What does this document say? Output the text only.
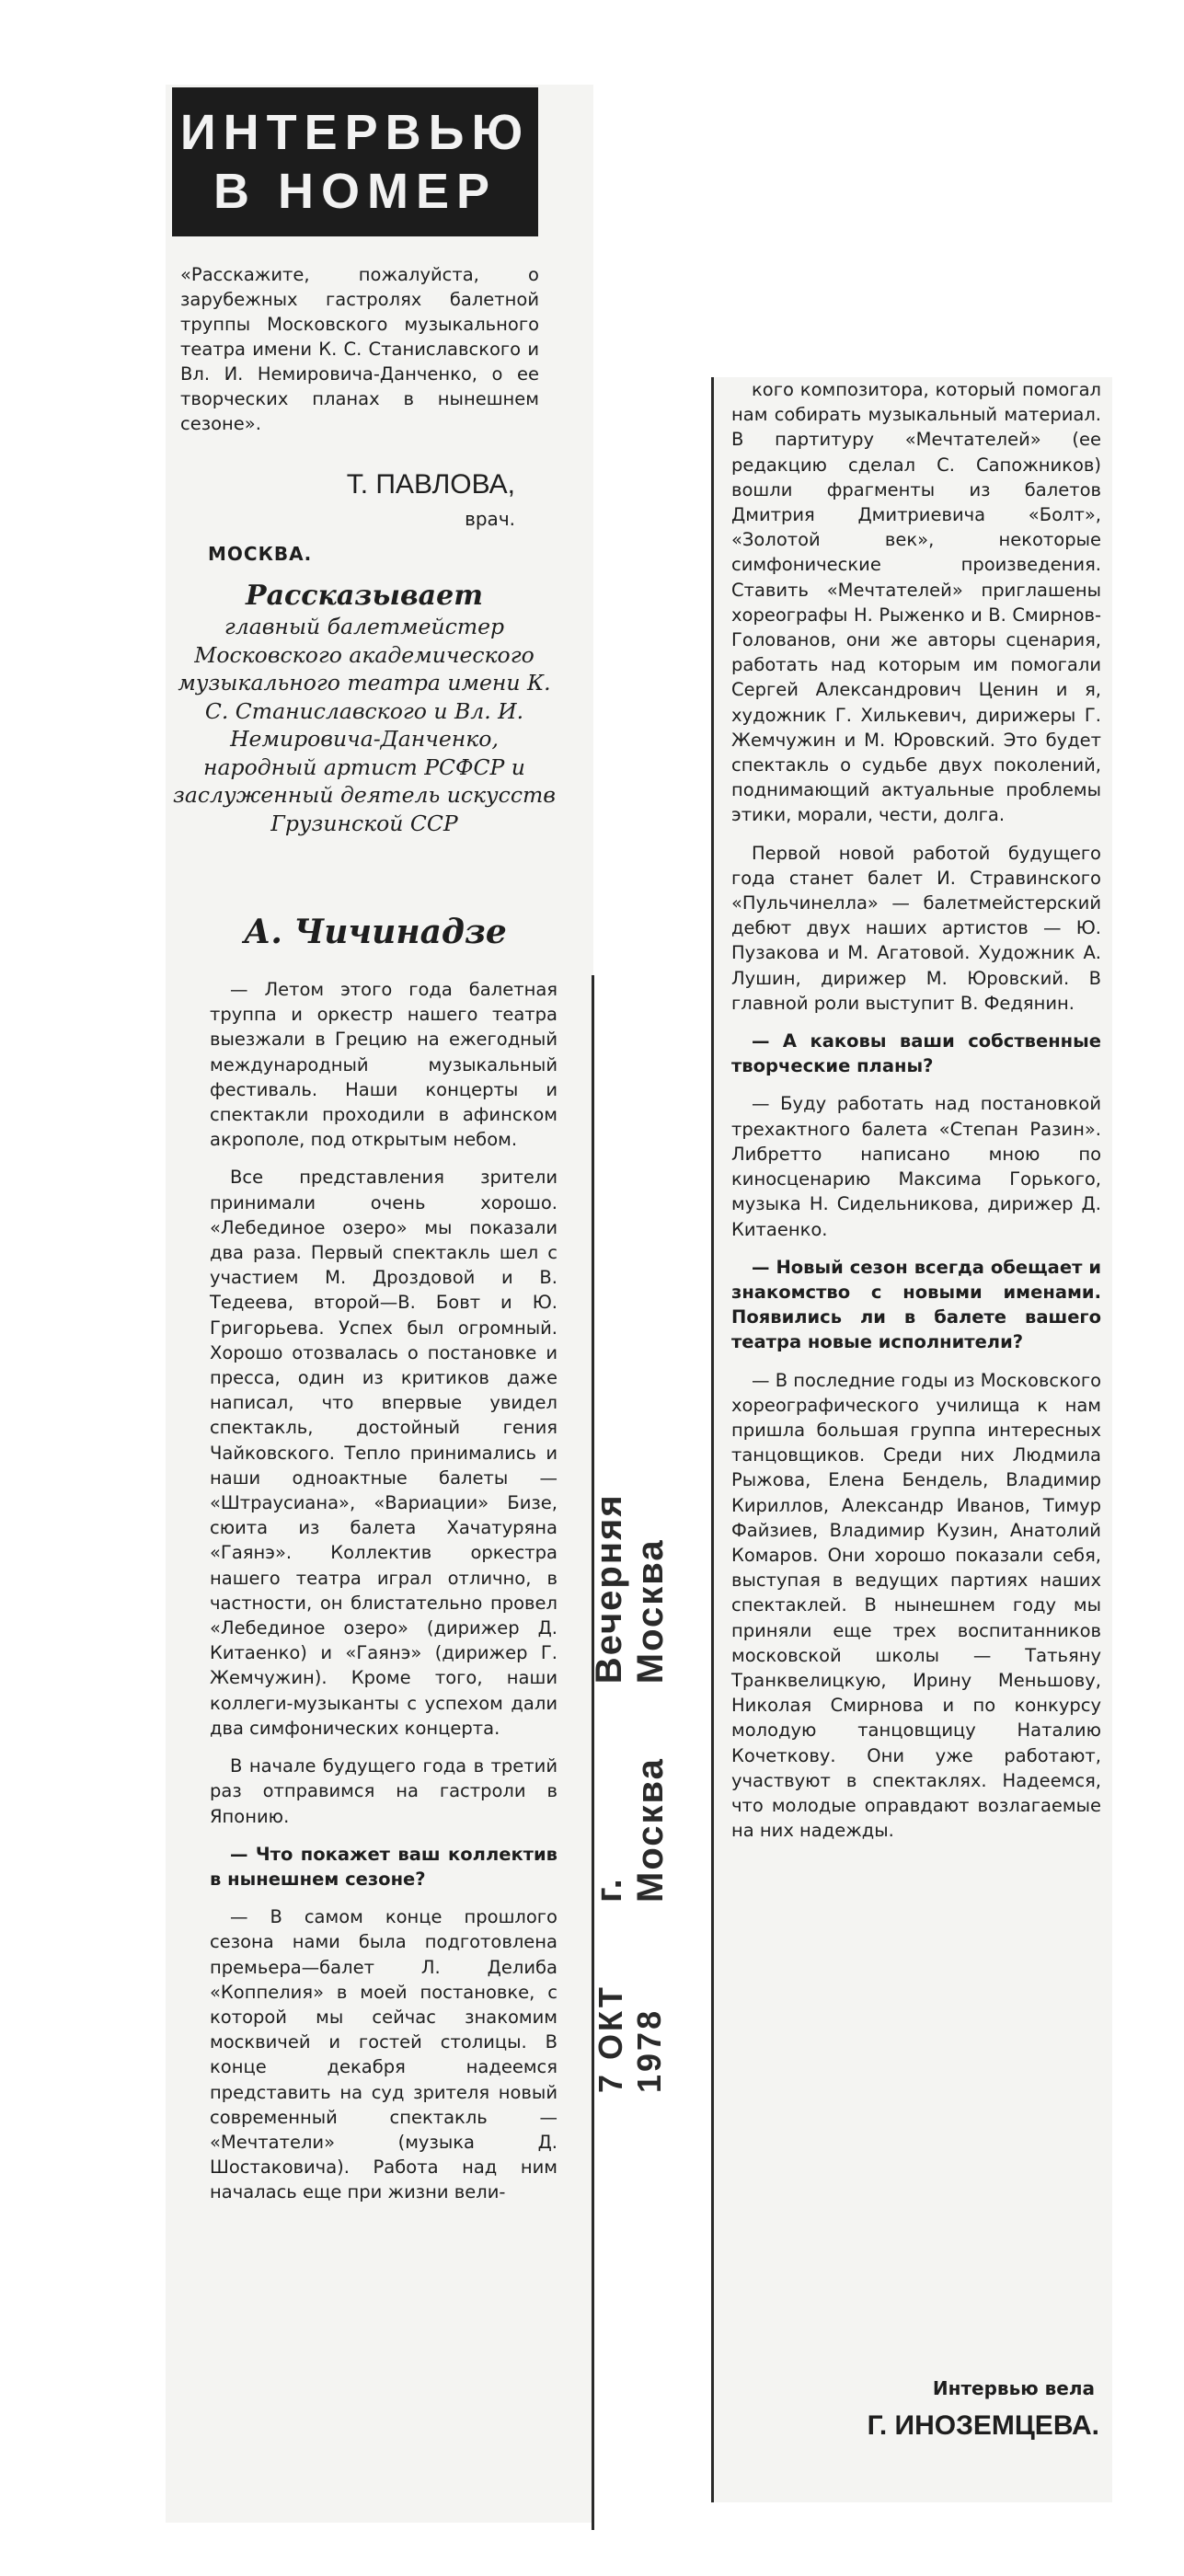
ИНТЕРВЬЮ
В НОМЕР
«Расскажите, пожалуйста, о зарубежных гастролях балетной труппы Московского музыкального театра имени К. С. Станиславского и Вл. И. Немировича-Данченко, о ее творческих планах в нынешнем сезоне».
Т. ПАВЛОВА,
врач.
МОСКВА.
Рассказывает
главный балетмейстер Московского академического музыкального театра имени К. С. Станиславского и Вл. И. Немировича-Данченко, народный артист РСФСР и заслуженный деятель искусств Грузинской ССР
А. Чичинадзе

— Летом этого года балетная труппа и оркестр нашего театра выезжали в Грецию на ежегодный международный музыкальный фестиваль. Наши концерты и спектакли проходили в афинском акрополе, под открытым небом.

Все представления зрители принимали очень хорошо. «Лебединое озеро» мы показали два раза. Первый спектакль шел с участием М. Дроздовой и В. Тедеева, второй—В. Бовт и Ю. Григорьева. Успех был огромный. Хорошо отозвалась о постановке и пресса, один из критиков даже написал, что впервые увидел спектакль, достойный гения Чайковского. Тепло принимались и наши одноактные балеты — «Штраусиана», «Вариации» Бизе, сюита из балета Хачатуряна «Гаянэ». Коллектив оркестра нашего театра играл отлично, в частности, он блистательно провел «Лебединое озеро» (дирижер Д. Китаенко) и «Гаянэ» (дирижер Г. Жемчужин). Кроме того, наши коллеги-музыканты с успехом дали два симфонических концерта.

В начале будущего года в третий раз отправимся на гастроли в Японию.

— Что покажет ваш коллектив в нынешнем сезоне?

— В самом конце прошлого сезона нами была подготовлена премьера—балет Л. Делиба «Коппелия» в моей постановке, с которой мы сейчас знакомим москвичей и гостей столицы. В конце декабря надеемся представить на суд зрителя новый современный спектакль — «Мечтатели» (музыка Д. Шостаковича). Работа над ним началась еще при жизни вели-

кого композитора, который помогал нам собирать музыкальный материал. В партитуру «Мечтателей» (ее редакцию сделал С. Сапожников) вошли фрагменты из балетов Дмитрия Дмитриевича «Болт», «Золотой век», некоторые симфонические произведения. Ставить «Мечтателей» приглашены хореографы Н. Рыженко и В. Смирнов-Голованов, они же авторы сценария, работать над которым им помогали Сергей Александрович Ценин и я, художник Г. Хилькевич, дирижеры Г. Жемчужин и М. Юровский. Это будет спектакль о судьбе двух поколений, поднимающий актуальные проблемы этики, морали, чести, долга.

Первой новой работой будущего года станет балет И. Стравинского «Пульчинелла» — балетмейстерский дебют двух наших артистов — Ю. Пузакова и М. Агатовой. Художник А. Лушин, дирижер М. Юровский. В главной роли выступит В. Федянин.

— А каковы ваши собственные творческие планы?

— Буду работать над постановкой трехактного балета «Степан Разин». Либретто написано мною по киносценарию Максима Горького, музыка Н. Сидельникова, дирижер Д. Китаенко.

— Новый сезон всегда обещает и знакомство с новыми именами. Появились ли в балете вашего театра новые исполнители?

— В последние годы из Московского хореографического училища к нам пришла большая группа интересных танцовщиков. Среди них Людмила Рыжова, Елена Бендель, Владимир Кириллов, Александр Иванов, Тимур Файзиев, Владимир Кузин, Анатолий Комаров. Они хорошо показали себя, выступая в ведущих партиях наших спектаклей. В нынешнем году мы приняли еще трех воспитанников московской школы — Татьяну Транквелицкую, Ирину Меньшову, Николая Смирнова и по конкурсу молодую танцовщицу Наталию Кочеткову. Они уже работают, участвуют в спектаклях. Надеемся, что молодые оправдают возлагаемые на них надежды.

Интервью вела
Г. ИНОЗЕМЦЕВА.
7 ОКТ 1978
г. Москва
Вечерняя Москва
